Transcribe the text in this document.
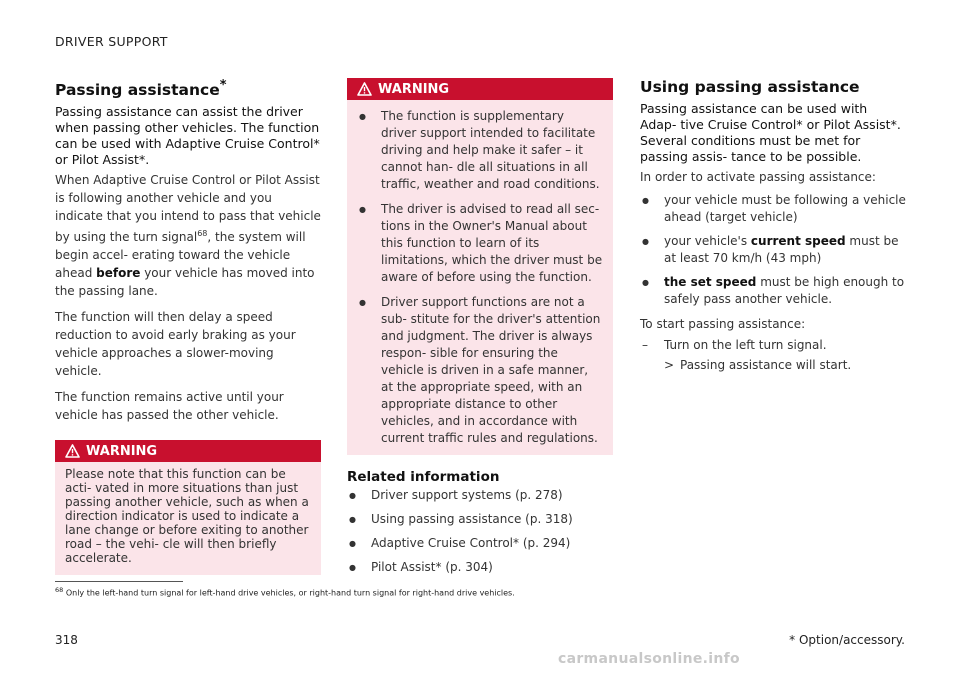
DRIVER SUPPORT
Passing assistance*

Passing assistance can assist the driver when passing other vehicles. The function can be used with Adaptive Cruise Control* or Pilot Assist*.

When Adaptive Cruise Control or Pilot Assist is following another vehicle and you indicate that you intend to pass that vehicle by using the turn signal$^{68}$, the system will begin accel- erating toward the vehicle ahead before your vehicle has moved into the passing lane.

The function will then delay a speed reduction to avoid early braking as your vehicle approaches a slower-moving vehicle.

The function remains active until your vehicle has passed the other vehicle.

WARNING
Please note that this function can be acti- vated in more situations than just passing another vehicle, such as when a direction indicator is used to indicate a lane change or before exiting to another road – the vehi- cle will then briefly accelerate.
WARNING
● The function is supplementary driver support intended to facilitate driving and help make it safer – it cannot han- dle all situations in all traffic, weather and road conditions.
● The driver is advised to read all sec- tions in the Owner's Manual about this function to learn of its limitations, which the driver must be aware of before using the function.
● Driver support functions are not a sub- stitute for the driver's attention and judgment. The driver is always respon- sible for ensuring the vehicle is driven in a safe manner, at the appropriate speed, with an appropriate distance to other vehicles, and in accordance with current traffic rules and regulations.
Related information
● Driver support systems (p. 278)
● Using passing assistance (p. 318)
● Adaptive Cruise Control* (p. 294)
● Pilot Assist* (p. 304)
Using passing assistance

Passing assistance can be used with Adap- tive Cruise Control* or Pilot Assist*. Several conditions must be met for passing assis- tance to be possible.

In order to activate passing assistance:

● your vehicle must be following a vehicle ahead (target vehicle)
● your vehicle's current speed must be at least 70 km/h (43 mph)
● the set speed must be high enough to safely pass another vehicle.

To start passing assistance:

– Turn on the left turn signal.
> Passing assistance will start.
$^{68}$ Only the left-hand turn signal for left-hand drive vehicles, or right-hand turn signal for right-hand drive vehicles.
318	* Option/accessory.
carmanualsonline.info
